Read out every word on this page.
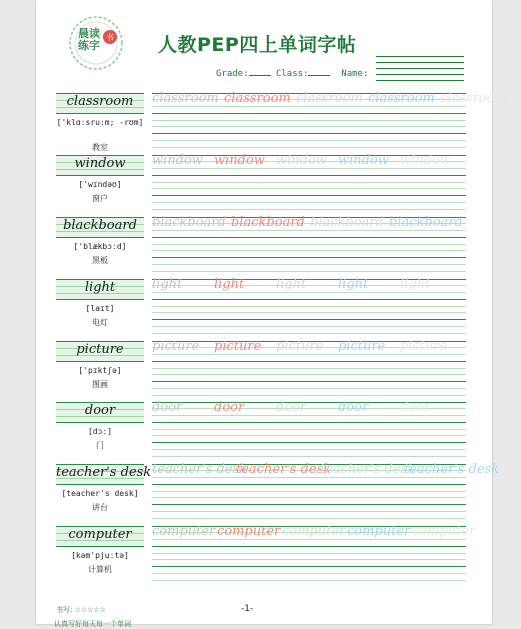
书
晨读练字	人教PEP四上单词字帖
Grade:	Class:	Name:
classroom
['klɑːsruːm; -rʊm]
教室
classroom classroom classroom classroom classroom
window
['wɪndəʊ]
窗户
window window window window window
blackboard
['blækbɔːd]
黑板
blackboard blackboard blackboard blackboard
light
[laɪt]
电灯
light light light light light
picture
['pɪktʃə]
图画
picture picture picture picture picture
door
[dɔː]
门
door door door door door
teacher's desk
[teacher's desk]
讲台
teacher's desk
teacher's desk
teacher's desk
teacher's desk
computer
[kəm'pjuːtə]
计算机
computer computer computer computer computer
书写: ☆☆☆☆☆	-1-
认真写好每天每一个单词
